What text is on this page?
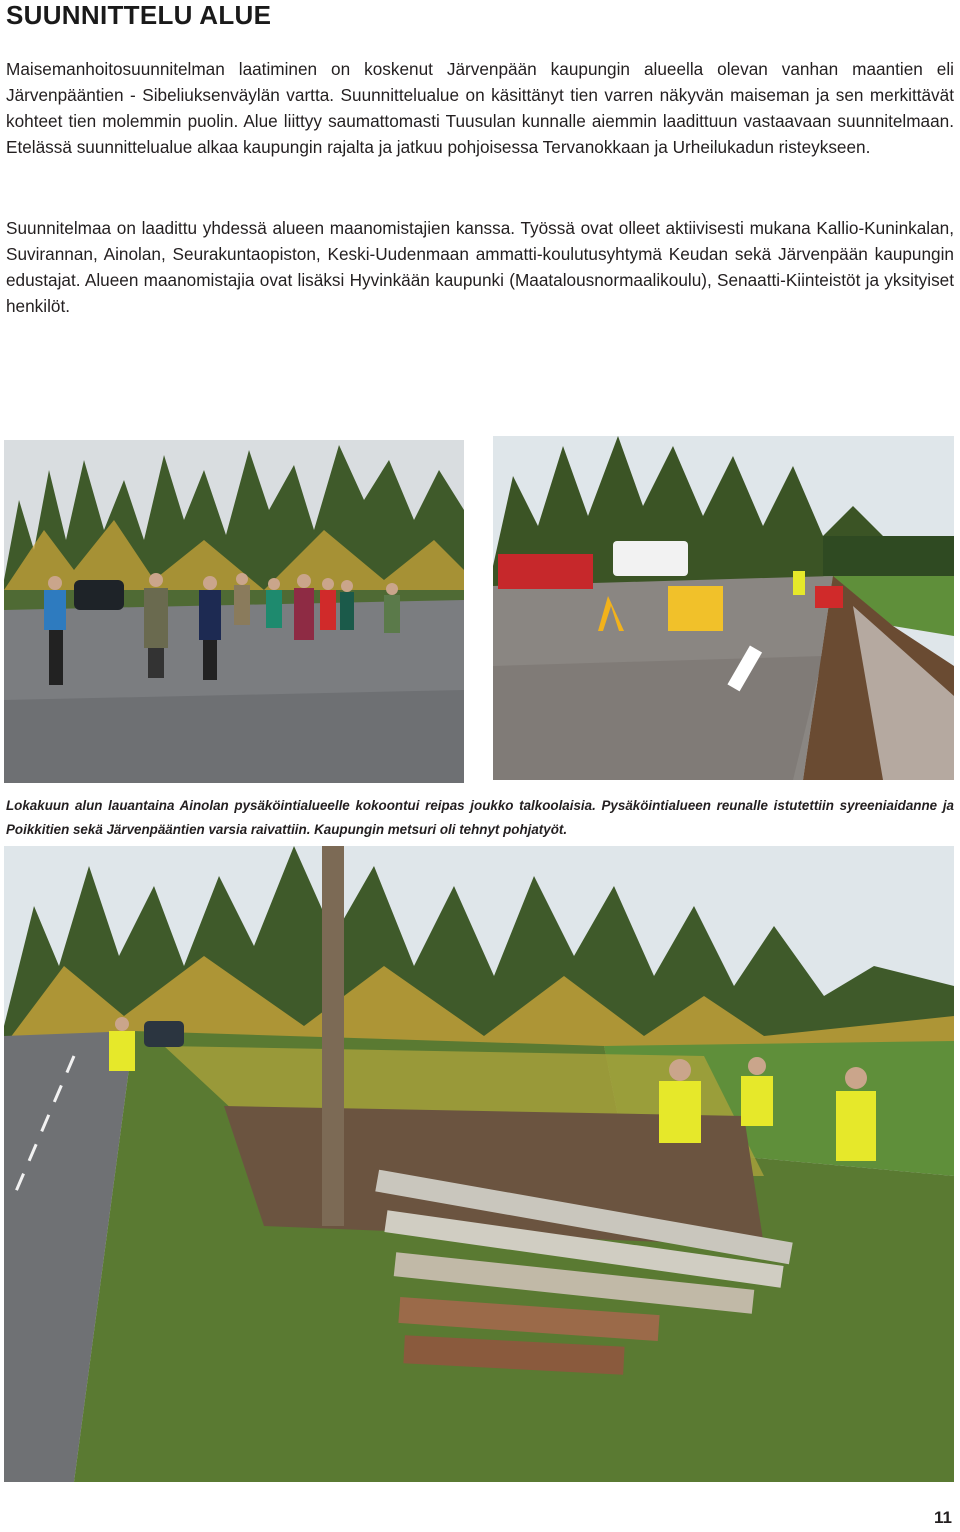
SUUNNITTELU ALUE

Maisemanhoitosuunnitelman laatiminen on koskenut Järvenpään kaupungin alueella olevan vanhan maantien eli Järvenpääntien - Sibeliuksenväylän vartta. Suunnittelualue on käsittänyt tien varren näkyvän maiseman ja sen merkittävät kohteet tien molemmin puolin. Alue liittyy saumattomasti Tuusulan kunnalle aiemmin laadittuun vastaavaan suunnitelmaan. Etelässä suunnittelualue alkaa kaupungin rajalta ja jatkuu pohjoisessa Tervanokkaan ja Urheilukadun risteykseen.

Suunnitelmaa on laadittu yhdessä alueen maanomistajien kanssa. Työssä ovat olleet aktiivisesti mukana Kallio-Kuninkalan, Suvirannan, Ainolan, Seurakuntaopiston, Keski-Uudenmaan ammatti-koulutusyhtymä Keudan sekä Järvenpään kaupungin edustajat. Alueen maanomistajia ovat lisäksi Hyvinkään kaupunki (Maatalousnormaalikoulu), Senaatti-Kiinteistöt ja yksityiset henkilöt.

Lokakuun alun lauantaina Ainolan pysäköintialueelle kokoontui reipas joukko talkoolaisia. Pysäköintialueen reunalle istutettiin syreeniaidanne ja Poikkitien sekä Järvenpääntien varsia raivattiin. Kaupungin metsuri oli tehnyt pohjatyöt.

11
